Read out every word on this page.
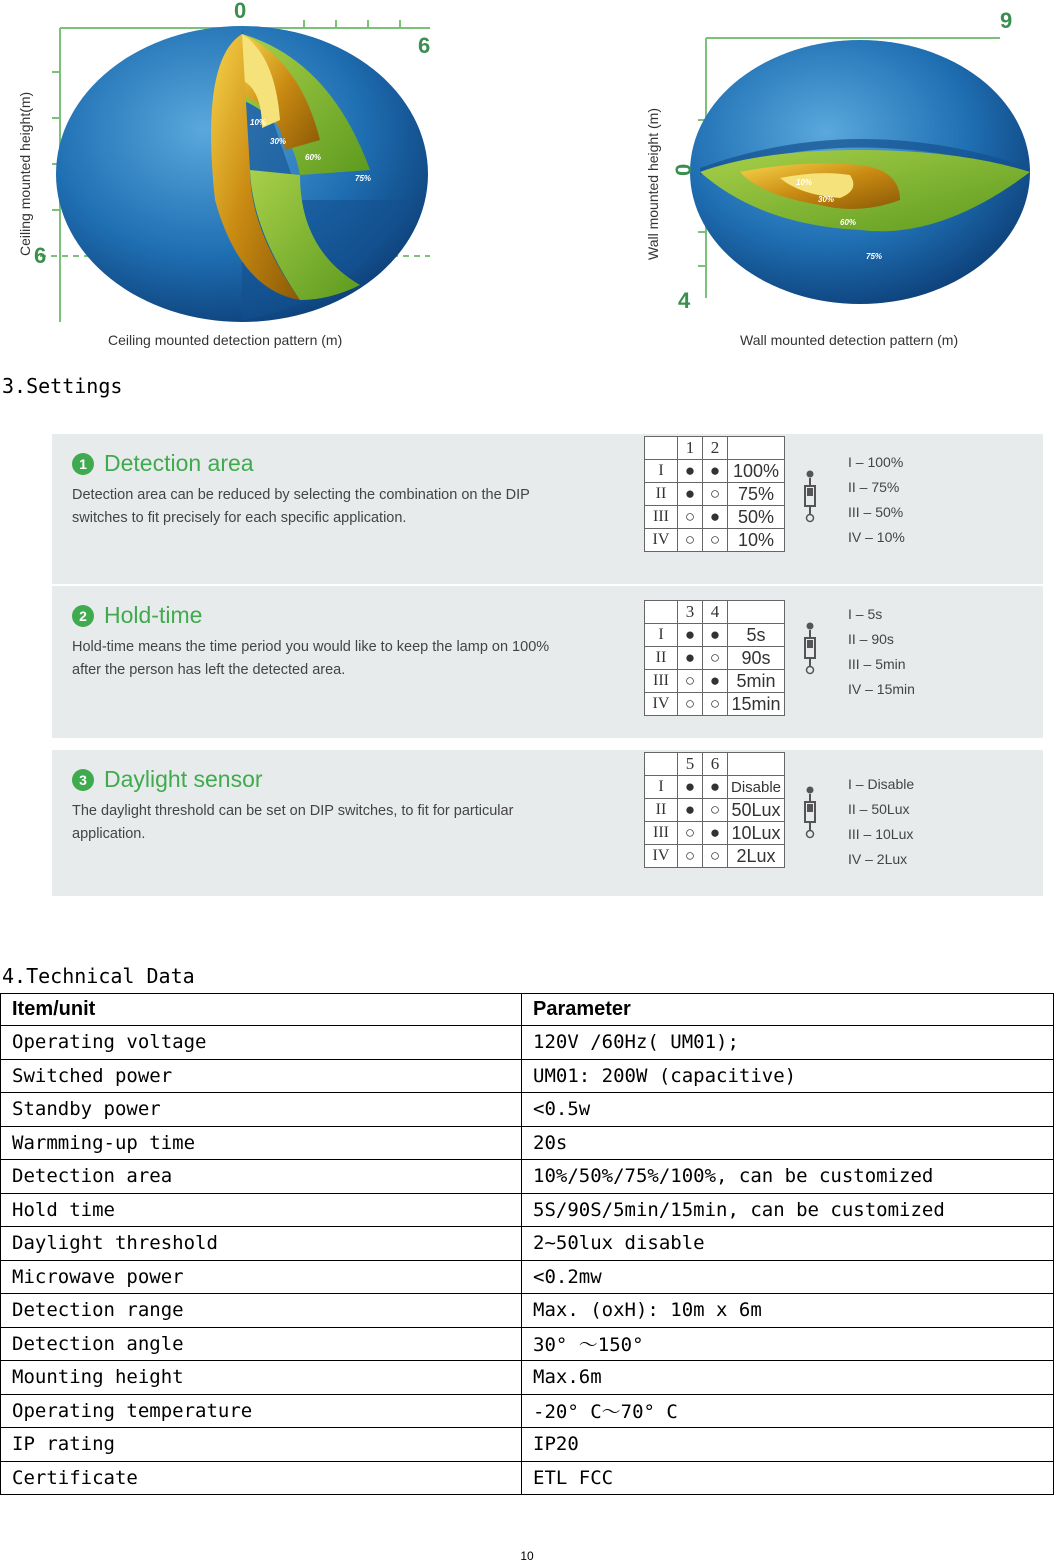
10%
30%
60%
75%
0
6
6
Ceiling mounted detection pattern (m)
Ceiling mounted height(m)	10%
30%
60%
75%
9
0
4
Wall mounted detection pattern (m)
Wall mounted height (m)
3.Settings
1 Detection area
Detection area can be reduced by selecting the combination on the DIP switches to fit precisely for each specific application.
	1	2	
I	●	●	100%
II	●	○	75%
III	○	●	50%
IV	○	○	10%
I – 100%
II – 75%
III – 50%
IV – 10%
2 Hold-time
Hold-time means the time period you would like to keep the lamp on 100% after the person has left the detected area.
	3	4	
I	●	●	5s
II	●	○	90s
III	○	●	5min
IV	○	○	15min
I – 5s
II – 90s
III – 5min
IV – 15min
3 Daylight sensor
The daylight threshold can be set on DIP switches, to fit for particular application.
	5	6	
I	●	●	Disable
II	●	○	50Lux
III	○	●	10Lux
IV	○	○	2Lux
I – Disable
II – 50Lux
III – 10Lux
IV – 2Lux
4.Technical Data
Item/unit	Parameter
Operating voltage	120V /60Hz( UM01);
Switched power	UM01: 200W (capacitive)
Standby power	<0.5w
Warmming-up time	20s
Detection area	10%/50%/75%/100%, can be customized
Hold time	5S/90S/5min/15min, can be customized
Daylight threshold	2~50lux disable
Microwave power	<0.2mw
Detection range	Max. (oxH): 10m x 6m
Detection angle	30° ～150°
Mounting height	Max.6m
Operating temperature	-20° C～70° C
IP rating	IP20
Certificate	ETL FCC
10
